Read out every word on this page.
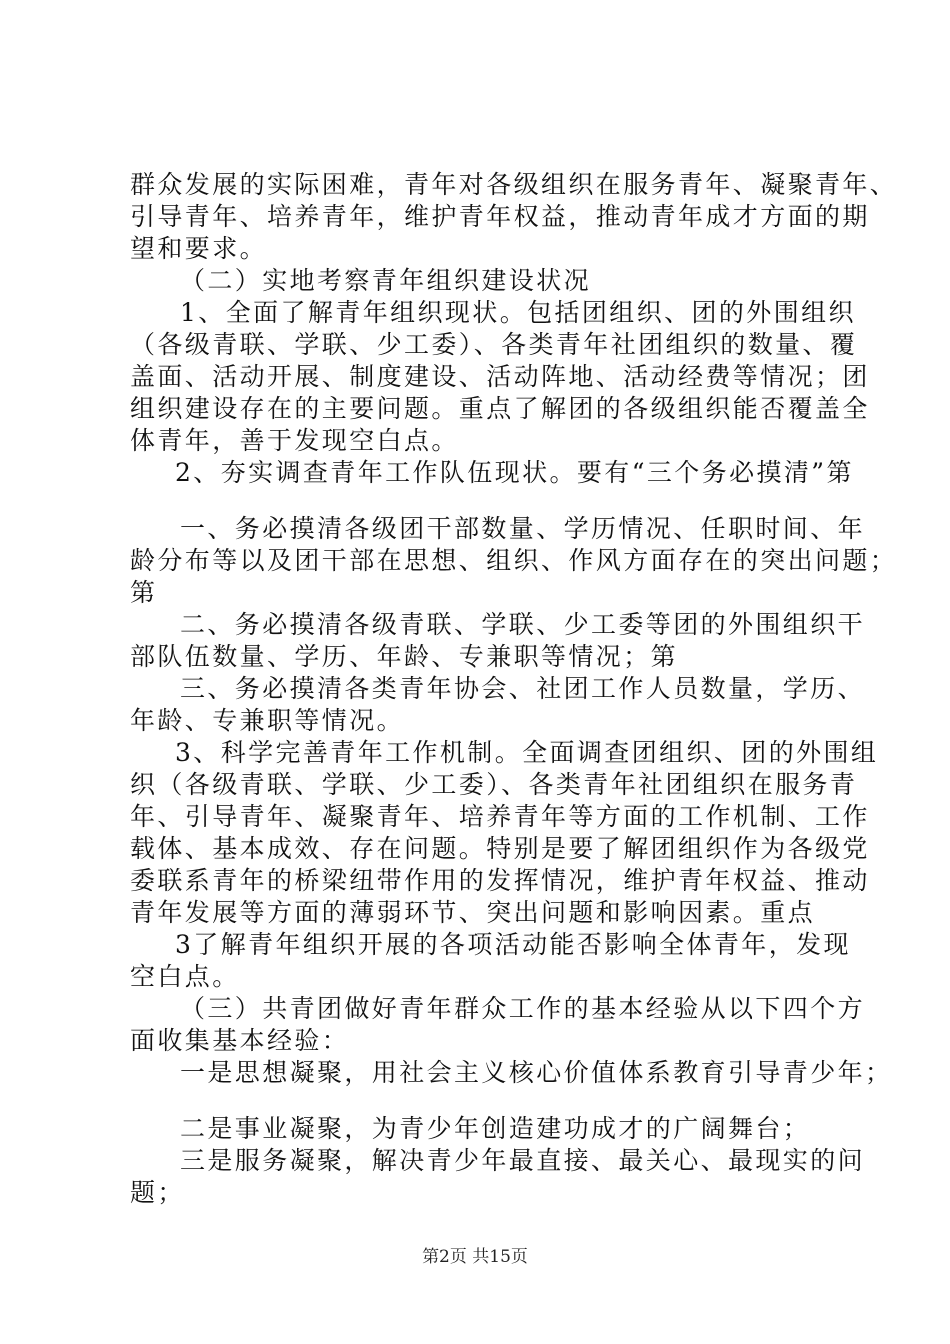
群众发展的实际困难，青年对各级组织在服务青年、凝聚青年、
引导青年、培养青年，维护青年权益，推动青年成才方面的期
望和要求。
（二）实地考察青年组织建设状况
1、全面了解青年组织现状。包括团组织、团的外围组织
（各级青联、学联、少工委）、各类青年社团组织的数量、覆
盖面、活动开展、制度建设、活动阵地、活动经费等情况；团
组织建设存在的主要问题。重点了解团的各级组织能否覆盖全
体青年，善于发现空白点。
2、夯实调查青年工作队伍现状。要有“三个务必摸清”第
一、务必摸清各级团干部数量、学历情况、任职时间、年
龄分布等以及团干部在思想、组织、作风方面存在的突出问题；
第
二、务必摸清各级青联、学联、少工委等团的外围组织干
部队伍数量、学历、年龄、专兼职等情况；第
三、务必摸清各类青年协会、社团工作人员数量，学历、
年龄、专兼职等情况。
3、科学完善青年工作机制。全面调查团组织、团的外围组
织（各级青联、学联、少工委）、各类青年社团组织在服务青
年、引导青年、凝聚青年、培养青年等方面的工作机制、工作
载体、基本成效、存在问题。特别是要了解团组织作为各级党
委联系青年的桥梁纽带作用的发挥情况，维护青年权益、推动
青年发展等方面的薄弱环节、突出问题和影响因素。重点
3了解青年组织开展的各项活动能否影响全体青年，发现
空白点。
（三）共青团做好青年群众工作的基本经验从以下四个方
面收集基本经验：
一是思想凝聚，用社会主义核心价值体系教育引导青少年；
二是事业凝聚，为青少年创造建功成才的广阔舞台；
三是服务凝聚，解决青少年最直接、最关心、最现实的问
题；
第2页 共15页
